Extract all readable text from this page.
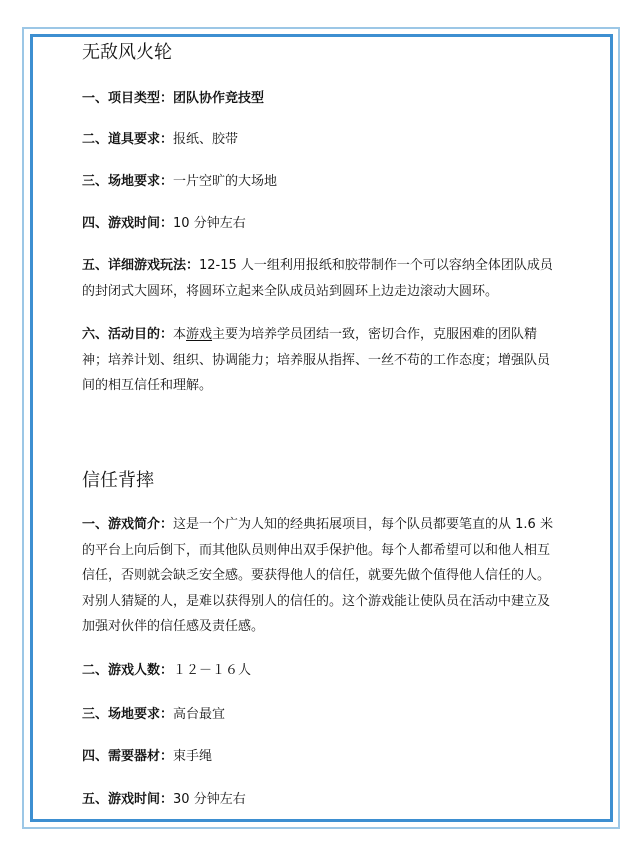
无敌风火轮
一、项目类型：团队协作竞技型
二、道具要求：报纸、胶带
三、场地要求：一片空旷的大场地
四、游戏时间：10 分钟左右
五、详细游戏玩法：12-15 人一组利用报纸和胶带制作一个可以容纳全体团队成员的封闭式大圆环，将圆环立起来全队成员站到圆环上边走边滚动大圆环。
六、活动目的：本游戏主要为培养学员团结一致，密切合作，克服困难的团队精神；培养计划、组织、协调能力；培养服从指挥、一丝不苟的工作态度；增强队员间的相互信任和理解。
信任背摔
一、游戏简介：这是一个广为人知的经典拓展项目，每个队员都要笔直的从 1.6 米的平台上向后倒下，而其他队员则伸出双手保护他。每个人都希望可以和他人相互信任，否则就会缺乏安全感。要获得他人的信任，就要先做个值得他人信任的人。对别人猜疑的人，是难以获得别人的信任的。这个游戏能让使队员在活动中建立及加强对伙伴的信任感及责任感。
二、游戏人数：１２－１６人
三、场地要求：高台最宜
四、需要器材：束手绳
五、游戏时间：30 分钟左右
